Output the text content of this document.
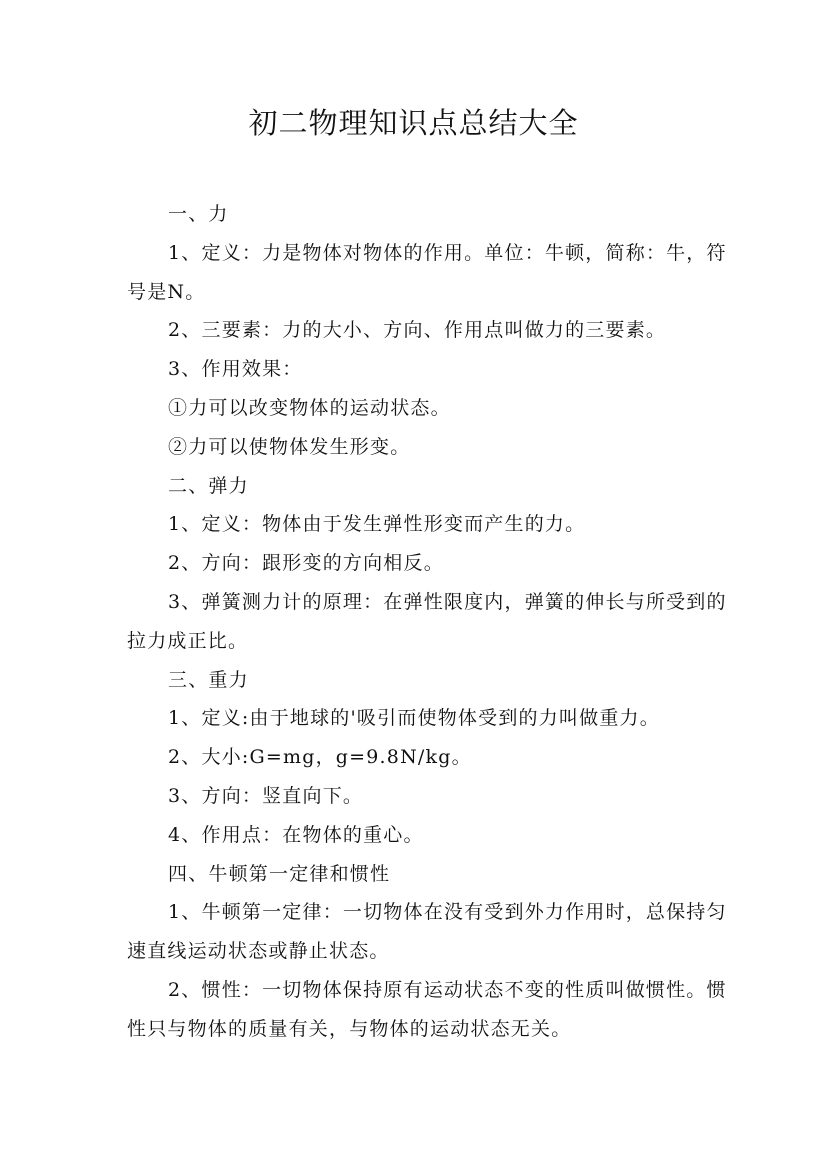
初二物理知识点总结大全

一、力

1、定义：力是物体对物体的作用。单位：牛顿，简称：牛，符号是N。

2、三要素：力的大小、方向、作用点叫做力的三要素。

3、作用效果：

①力可以改变物体的运动状态。

②力可以使物体发生形变。

二、弹力

1、定义：物体由于发生弹性形变而产生的力。

2、方向：跟形变的方向相反。

3、弹簧测力计的原理：在弹性限度内，弹簧的伸长与所受到的拉力成正比。

三、重力

1、定义:由于地球的'吸引而使物体受到的力叫做重力。

2、大小:G=mg，g=9.8N/kg。

3、方向：竖直向下。

4、作用点：在物体的重心。

四、牛顿第一定律和惯性

1、牛顿第一定律：一切物体在没有受到外力作用时，总保持匀速直线运动状态或静止状态。

2、惯性：一切物体保持原有运动状态不变的性质叫做惯性。惯性只与物体的质量有关，与物体的运动状态无关。
